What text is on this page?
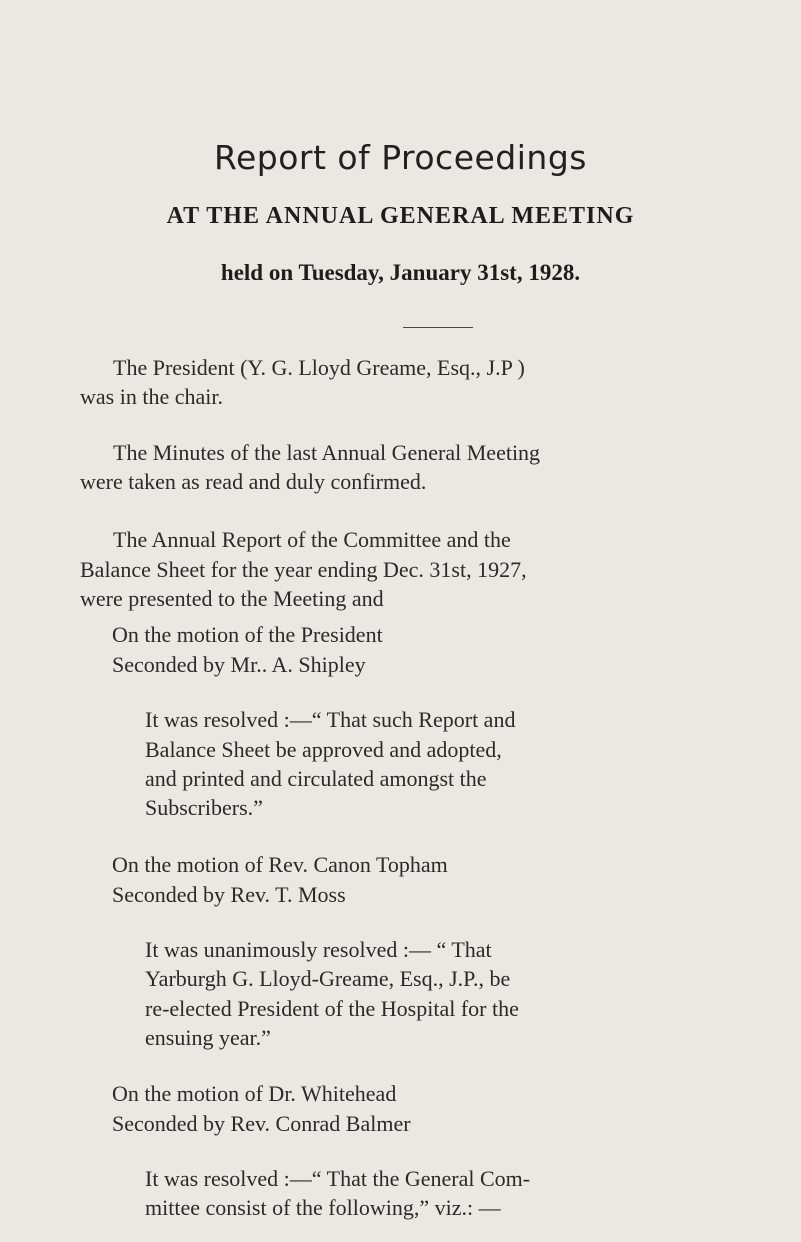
Report of Proceedings
AT THE ANNUAL GENERAL MEETING
held on Tuesday, January 31st, 1928.
The President (Y. G. Lloyd Greame, Esq., J.P )
was in the chair.
The Minutes of the last Annual General Meeting
were taken as read and duly confirmed.
The Annual Report of the Committee and the
Balance Sheet for the year ending Dec. 31st, 1927,
were presented to the Meeting and
On the motion of the President
Seconded by Mr.. A. Shipley
It was resolved :—“ That such Report and
Balance Sheet be approved and adopted,
and printed and circulated amongst the
Subscribers.”
On the motion of Rev. Canon Topham
Seconded by Rev. T. Moss
It was unanimously resolved :— “ That
Yarburgh G. Lloyd-Greame, Esq., J.P., be
re-elected President of the Hospital for the
ensuing year.”
On the motion of Dr. Whitehead
Seconded by Rev. Conrad Balmer
It was resolved :—“ That the General Com-
mittee consist of the following,” viz.: —
